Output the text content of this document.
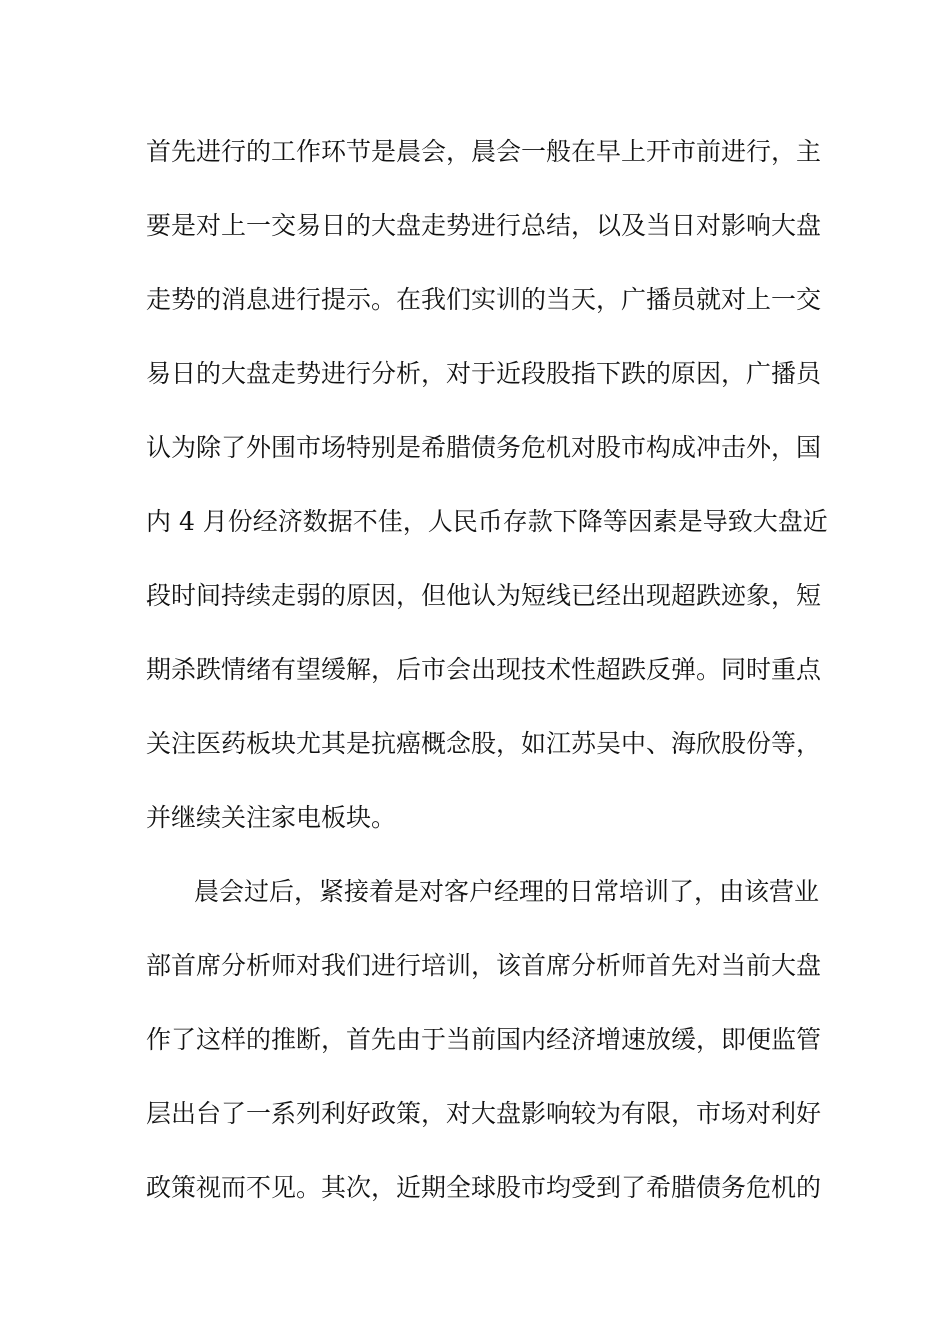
首先进行的工作环节是晨会，晨会一般在早上开市前进行，主
要是对上一交易日的大盘走势进行总结，以及当日对影响大盘
走势的消息进行提示。在我们实训的当天，广播员就对上一交
易日的大盘走势进行分析，对于近段股指下跌的原因，广播员
认为除了外围市场特别是希腊债务危机对股市构成冲击外，国
内 4 月份经济数据不佳，人民币存款下降等因素是导致大盘近
段时间持续走弱的原因，但他认为短线已经出现超跌迹象，短
期杀跌情绪有望缓解，后市会出现技术性超跌反弹。同时重点
关注医药板块尤其是抗癌概念股，如江苏吴中、海欣股份等，
并继续关注家电板块。
晨会过后，紧接着是对客户经理的日常培训了，由该营业
部首席分析师对我们进行培训，该首席分析师首先对当前大盘
作了这样的推断，首先由于当前国内经济增速放缓，即便监管
层出台了一系列利好政策，对大盘影响较为有限，市场对利好
政策视而不见。其次，近期全球股市均受到了希腊债务危机的
